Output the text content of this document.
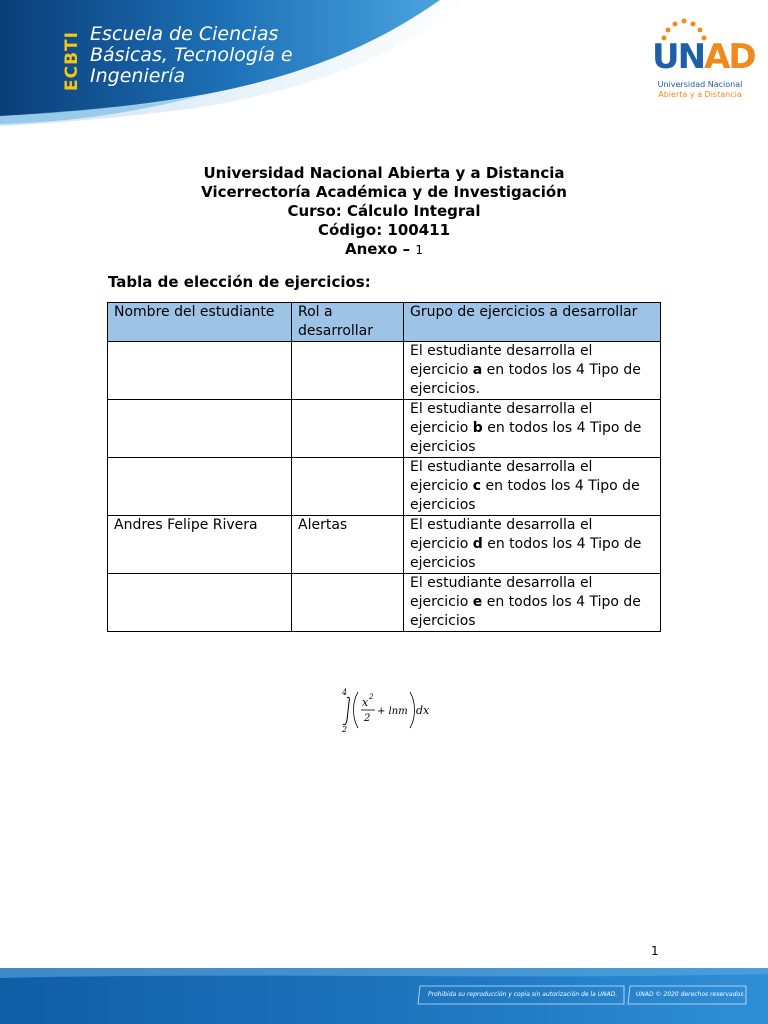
ECBTI Escuela de Ciencias
Básicas, Tecnología e
Ingeniería	UNAD
Universidad Nacional
Abierta y a Distancia
Universidad Nacional Abierta y a Distancia
Vicerrectoría Académica y de Investigación
Curso: Cálculo Integral
Código: 100411
Anexo – 1
Tabla de elección de ejercicios:
Nombre del estudiante	Rol a desarrollar	Grupo de ejercicios a desarrollar
		El estudiante desarrolla el ejercicio a en todos los 4 Tipo de ejercicios.
		El estudiante desarrolla el ejercicio b en todos los 4 Tipo de ejercicios
		El estudiante desarrolla el ejercicio c en todos los 4 Tipo de ejercicios
Andres Felipe Rivera	Alertas	El estudiante desarrolla el ejercicio d en todos los 4 Tipo de ejercicios
		El estudiante desarrolla el ejercicio e en todos los 4 Tipo de ejercicios
4
2
x 2
2
+ lnm dx
1
Prohibida su reproducción y copia sin autorización de la UNAD.	UNAD © 2020 derechos reservados.
